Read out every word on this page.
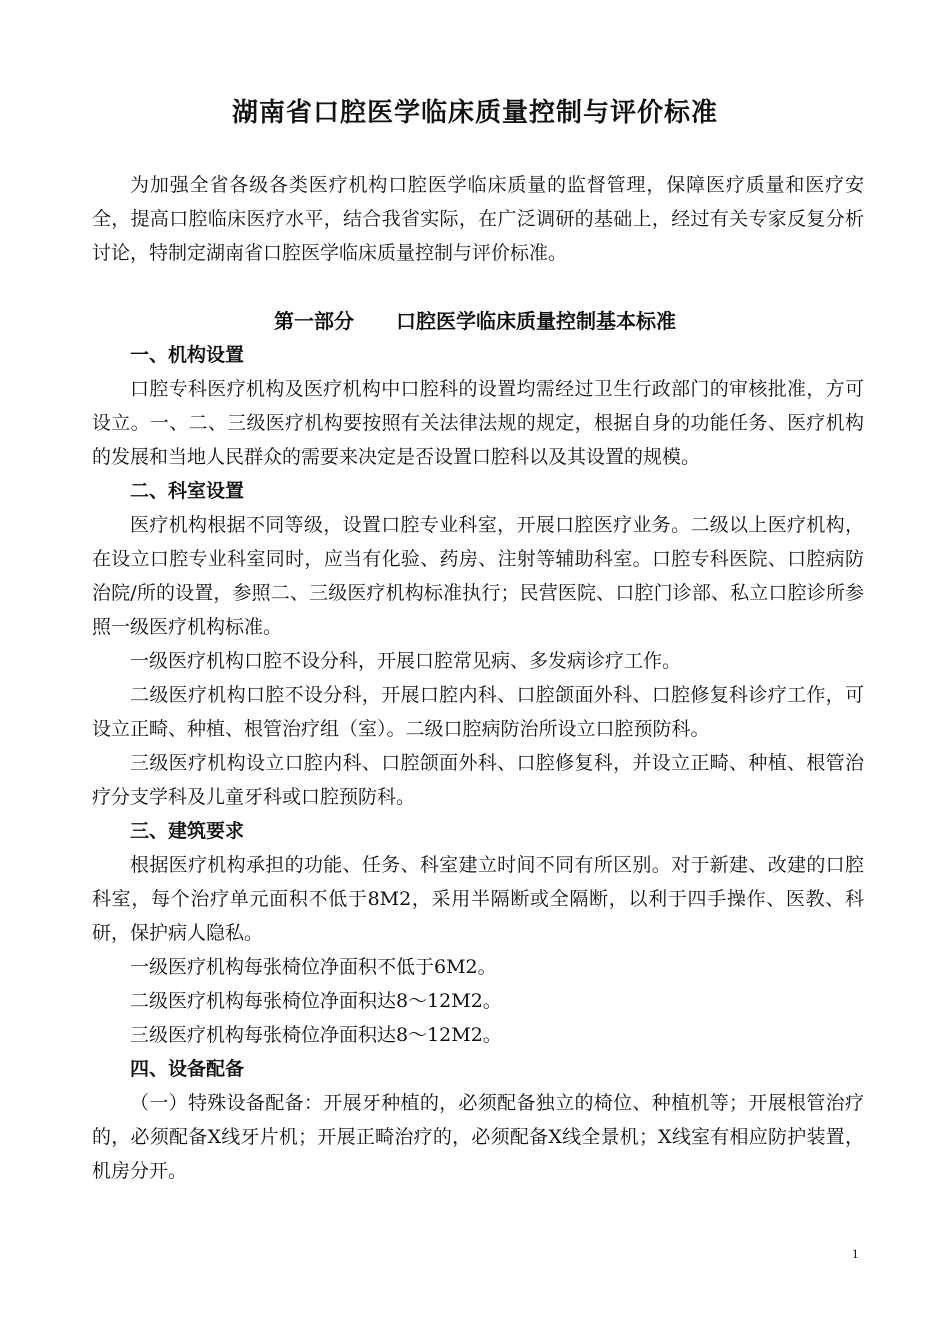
湖南省口腔医学临床质量控制与评价标准

为加强全省各级各类医疗机构口腔医学临床质量的监督管理，保障医疗质量和医疗安全，提高口腔临床医疗水平，结合我省实际，在广泛调研的基础上，经过有关专家反复分析讨论，特制定湖南省口腔医学临床质量控制与评价标准。

第一部分 口腔医学临床质量控制基本标准

一、机构设置

口腔专科医疗机构及医疗机构中口腔科的设置均需经过卫生行政部门的审核批准，方可设立。一、二、三级医疗机构要按照有关法律法规的规定，根据自身的功能任务、医疗机构的发展和当地人民群众的需要来决定是否设置口腔科以及其设置的规模。

二、科室设置

医疗机构根据不同等级，设置口腔专业科室，开展口腔医疗业务。二级以上医疗机构，在设立口腔专业科室同时，应当有化验、药房、注射等辅助科室。口腔专科医院、口腔病防治院/所的设置，参照二、三级医疗机构标准执行；民营医院、口腔门诊部、私立口腔诊所参照一级医疗机构标准。

一级医疗机构口腔不设分科，开展口腔常见病、多发病诊疗工作。

二级医疗机构口腔不设分科，开展口腔内科、口腔颌面外科、口腔修复科诊疗工作，可设立正畸、种植、根管治疗组（室）。二级口腔病防治所设立口腔预防科。

三级医疗机构设立口腔内科、口腔颌面外科、口腔修复科，并设立正畸、种植、根管治疗分支学科及儿童牙科或口腔预防科。

三、建筑要求

根据医疗机构承担的功能、任务、科室建立时间不同有所区别。对于新建、改建的口腔科室，每个治疗单元面积不低于8M2，采用半隔断或全隔断，以利于四手操作、医教、科研，保护病人隐私。

一级医疗机构每张椅位净面积不低于6M2。

二级医疗机构每张椅位净面积达8～12M2。

三级医疗机构每张椅位净面积达8～12M2。

四、设备配备

（一）特殊设备配备：开展牙种植的，必须配备独立的椅位、种植机等；开展根管治疗的，必须配备X线牙片机；开展正畸治疗的，必须配备X线全景机；X线室有相应防护装置，机房分开。

1
